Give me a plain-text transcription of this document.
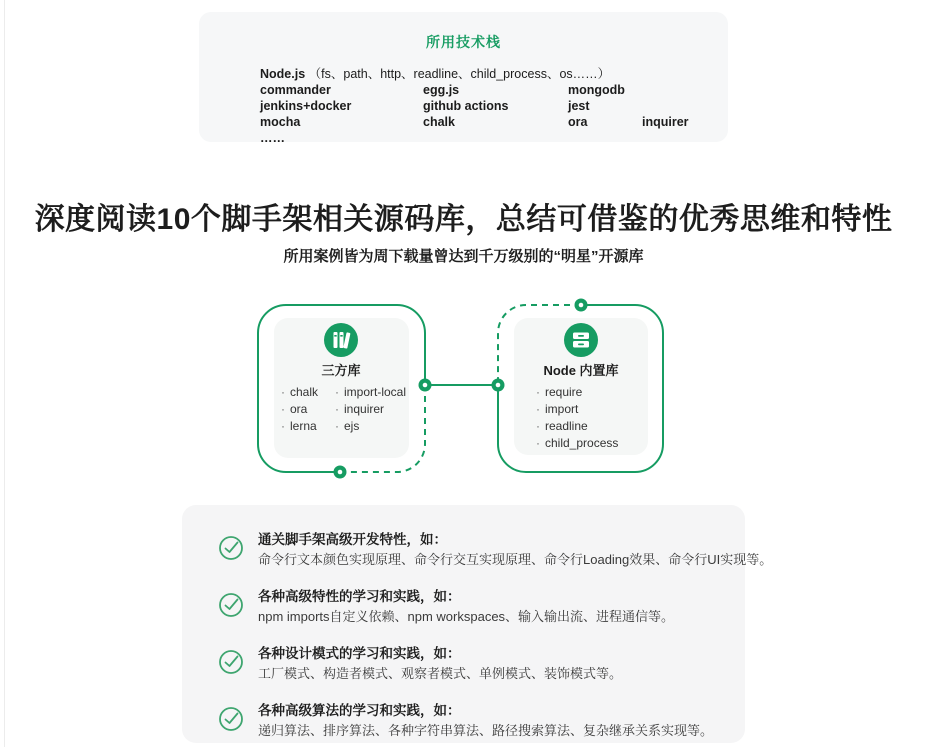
所用技术栈
Node.js （fs、path、http、readline、child_process、os……）
commander	egg.js	mongodb
jenkins+docker	github actions	jest
mocha	chalk	ora	inquirer
……
深度阅读10个脚手架相关源码库，总结可借鉴的优秀思维和特性
所用案例皆为周下载量曾达到千万级别的“明星”开源库
三方库	Node 内置库
· chalk · import-local
· ora · inquirer
· lerna · ejs
· require
· import
· readline
· child_process
通关脚手架高级开发特性，如：
命令行文本颜色实现原理、命令行交互实现原理、命令行Loading效果、命令行UI实现等。
各种高级特性的学习和实践，如：
npm imports自定义依赖、npm workspaces、输入输出流、进程通信等。
各种设计模式的学习和实践，如：
工厂模式、构造者模式、观察者模式、单例模式、装饰模式等。
各种高级算法的学习和实践，如：
递归算法、排序算法、各种字符串算法、路径搜索算法、复杂继承关系实现等。
